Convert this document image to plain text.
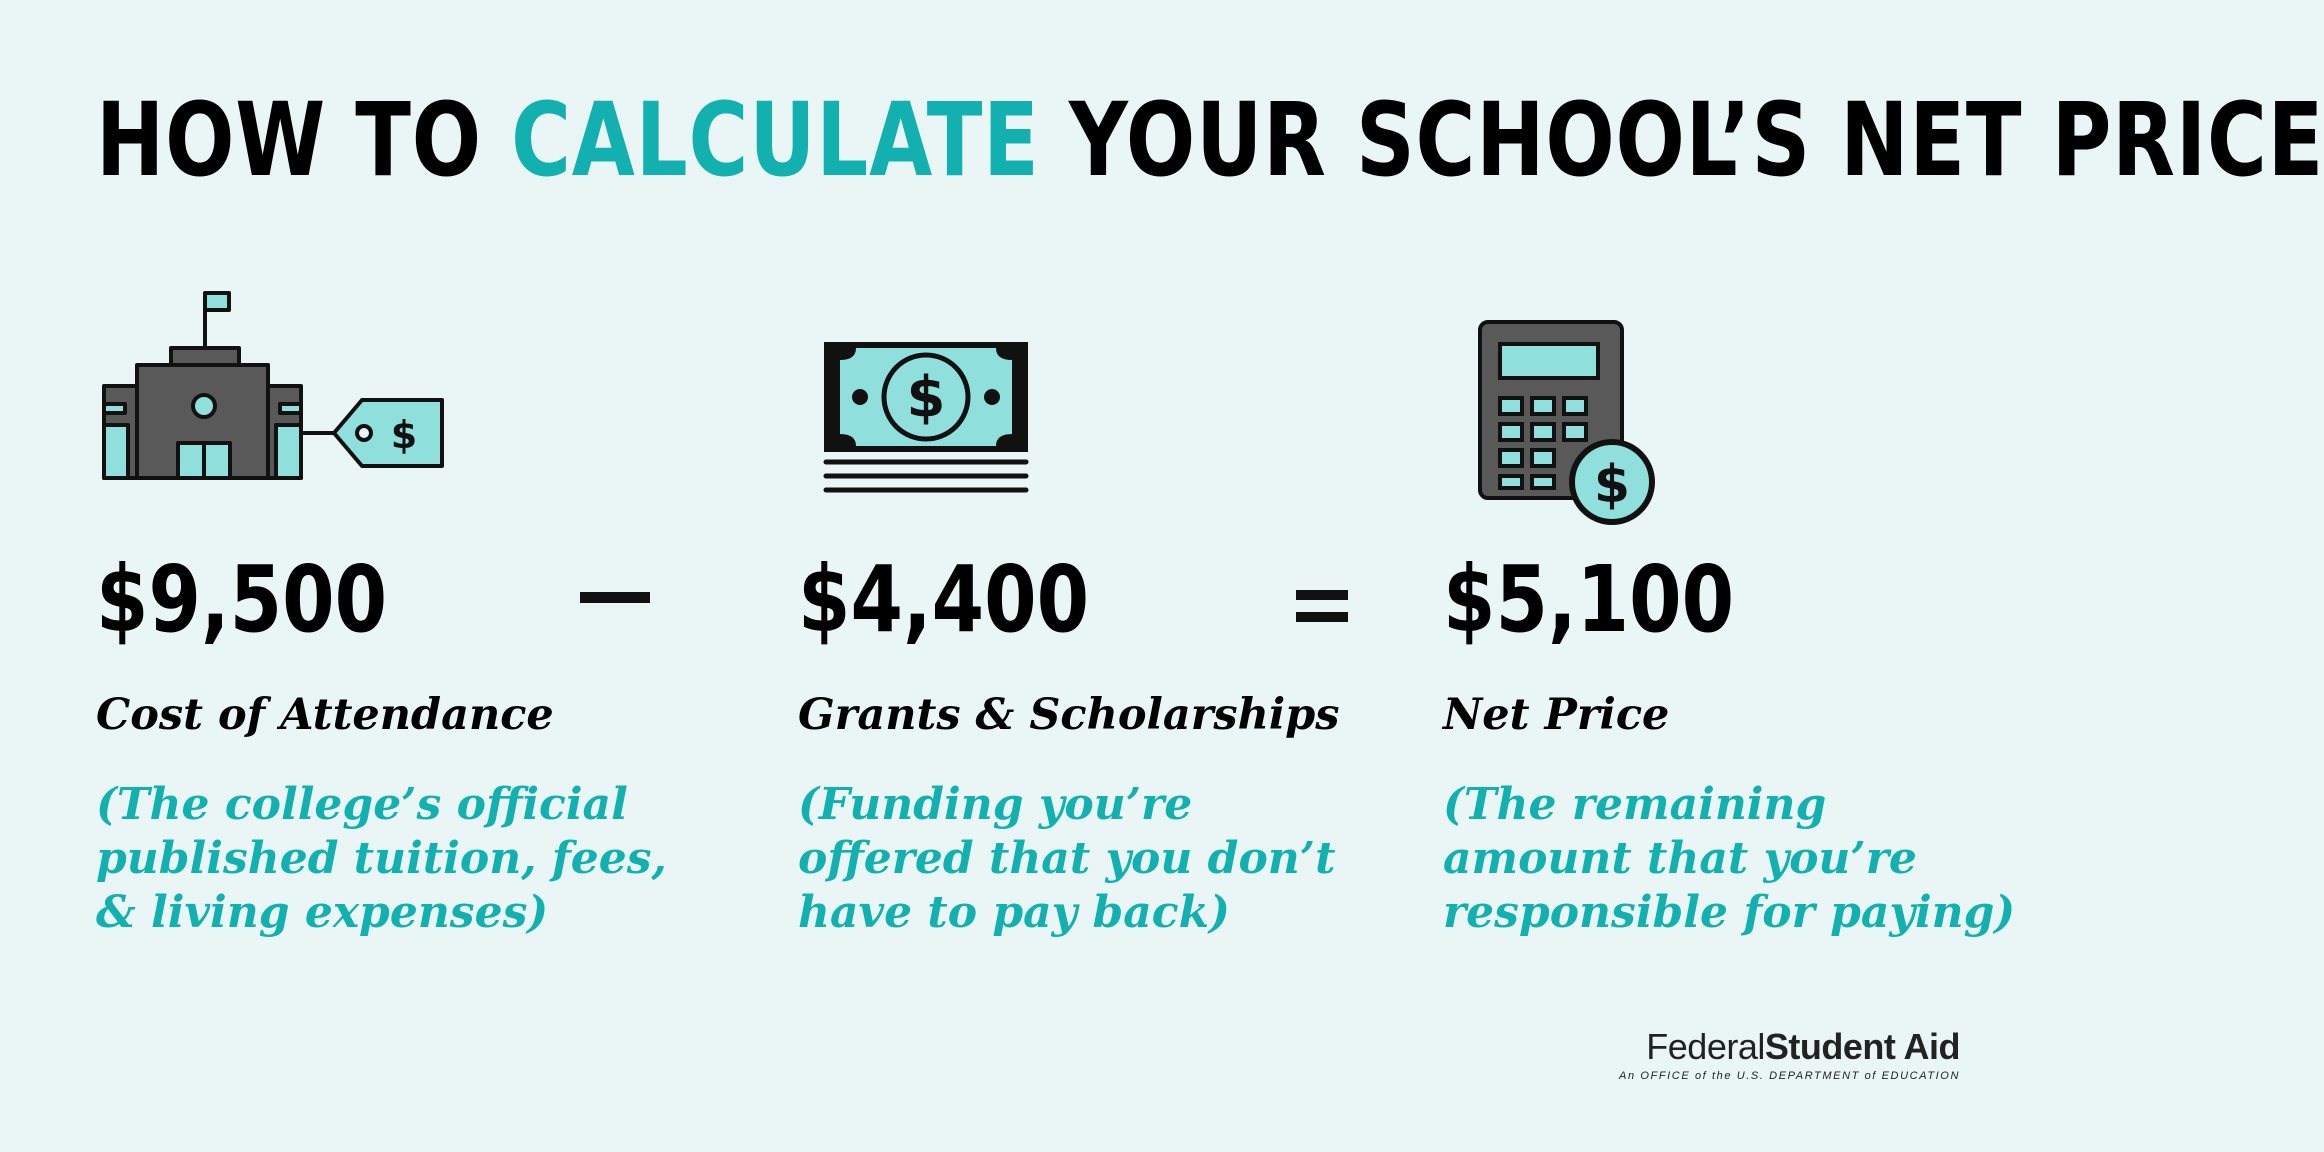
HOW TO CALCULATE YOUR SCHOOL’S NET PRICE
$
$
$
$9,500	$4,400	$5,100
Cost of Attendance	Grants & Scholarships Net Price
(The college’s official
published tuition, fees,
& living expenses)
(Funding you’re
offered that you don’t
have to pay back)
(The remaining
amount that you’re
responsible for paying)
FederalStudent Aid
An OFFICE of the U.S. DEPARTMENT of EDUCATION
